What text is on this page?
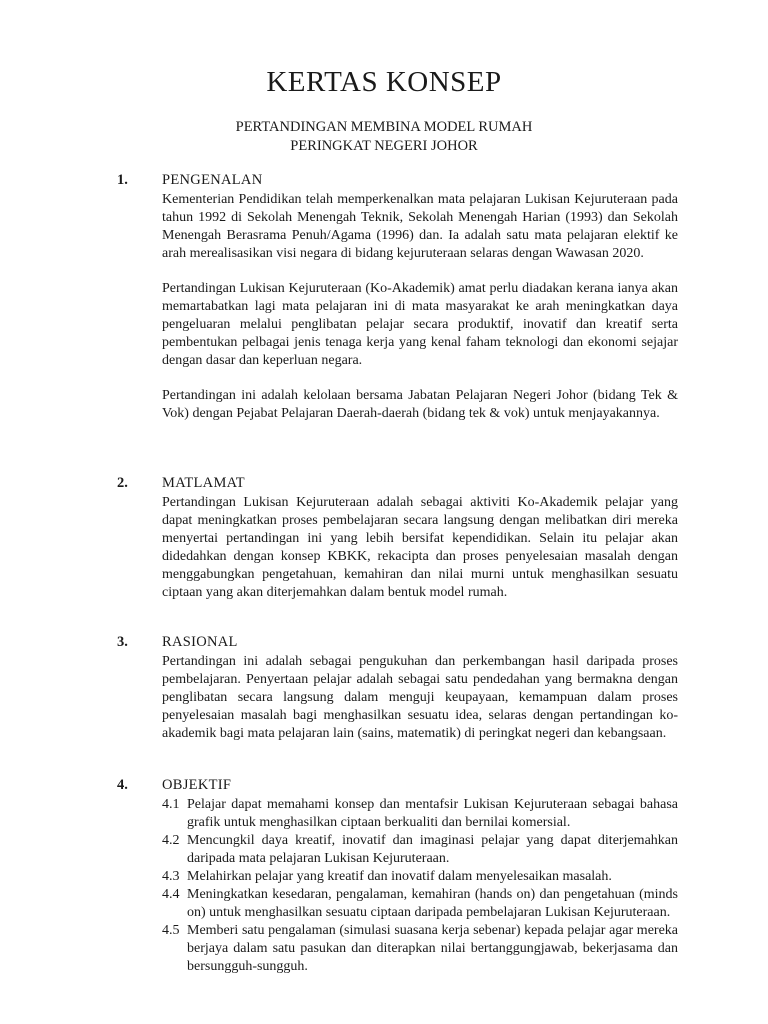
KERTAS KONSEP
PERTANDINGAN MEMBINA MODEL RUMAH
PERINGKAT NEGERI JOHOR
1. PENGENALAN

Kementerian Pendidikan telah memperkenalkan mata pelajaran Lukisan Kejuruteraan pada tahun 1992 di Sekolah Menengah Teknik, Sekolah Menengah Harian (1993) dan Sekolah Menengah Berasrama Penuh/Agama (1996) dan. Ia adalah satu mata pelajaran elektif ke arah merealisasikan visi negara di bidang kejuruteraan selaras dengan Wawasan 2020.

Pertandingan Lukisan Kejuruteraan (Ko-Akademik) amat perlu diadakan kerana ianya akan memartabatkan lagi mata pelajaran ini di mata masyarakat ke arah meningkatkan daya pengeluaran melalui penglibatan pelajar secara produktif, inovatif dan kreatif serta pembentukan pelbagai jenis tenaga kerja yang kenal faham teknologi dan ekonomi sejajar dengan dasar dan keperluan negara.

Pertandingan ini adalah kelolaan bersama Jabatan Pelajaran Negeri Johor (bidang Tek & Vok) dengan Pejabat Pelajaran Daerah-daerah (bidang tek & vok) untuk menjayakannya.

2. MATLAMAT

Pertandingan Lukisan Kejuruteraan adalah sebagai aktiviti Ko-Akademik pelajar yang dapat meningkatkan proses pembelajaran secara langsung dengan melibatkan diri mereka menyertai pertandingan ini yang lebih bersifat kependidikan. Selain itu pelajar akan didedahkan dengan konsep KBKK, rekacipta dan proses penyelesaian masalah dengan menggabungkan pengetahuan, kemahiran dan nilai murni untuk menghasilkan sesuatu ciptaan yang akan diterjemahkan dalam bentuk model rumah.

3. RASIONAL

Pertandingan ini adalah sebagai pengukuhan dan perkembangan hasil daripada proses pembelajaran. Penyertaan pelajar adalah sebagai satu pendedahan yang bermakna dengan penglibatan secara langsung dalam menguji keupayaan, kemampuan dalam proses penyelesaian masalah bagi menghasilkan sesuatu idea, selaras dengan pertandingan ko-akademik bagi mata pelajaran lain (sains, matematik) di peringkat negeri dan kebangsaan.

4. OBJEKTIF
4.1 Pelajar dapat memahami konsep dan mentafsir Lukisan Kejuruteraan sebagai bahasa grafik untuk menghasilkan ciptaan berkualiti dan bernilai komersial.
4.2 Mencungkil daya kreatif, inovatif dan imaginasi pelajar yang dapat diterjemahkan daripada mata pelajaran Lukisan Kejuruteraan.
4.3 Melahirkan pelajar yang kreatif dan inovatif dalam menyelesaikan masalah.
4.4 Meningkatkan kesedaran, pengalaman, kemahiran (hands on) dan pengetahuan (minds on) untuk menghasilkan sesuatu ciptaan daripada pembelajaran Lukisan Kejuruteraan.
4.5 Memberi satu pengalaman (simulasi suasana kerja sebenar) kepada pelajar agar mereka berjaya dalam satu pasukan dan diterapkan nilai bertanggungjawab, bekerjasama dan bersungguh-sungguh.
